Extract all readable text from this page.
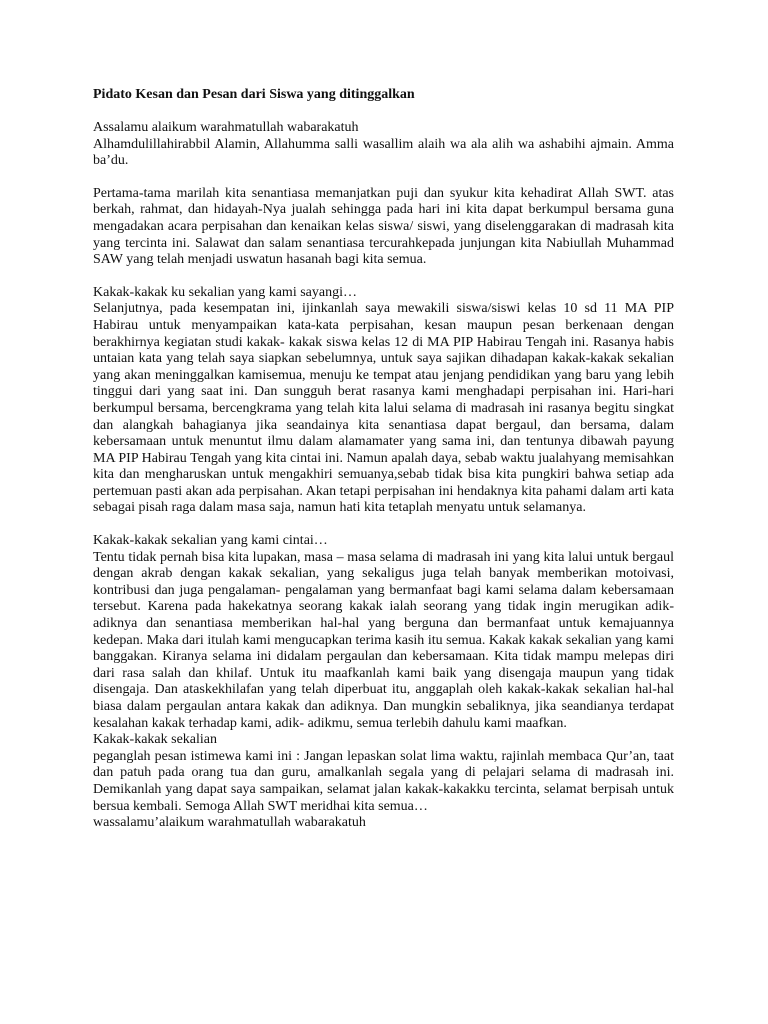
Pidato Kesan dan Pesan dari Siswa yang ditinggalkan

Assalamu alaikum warahmatullah wabarakatuh

Alhamdulillahirabbil Alamin, Allahumma salli wasallim alaih wa ala alih wa ashabihi ajmain. Amma ba’du.

Pertama-tama marilah kita senantiasa memanjatkan puji dan syukur kita kehadirat Allah SWT. atas berkah, rahmat, dan hidayah-Nya jualah sehingga pada hari ini kita dapat berkumpul bersama guna mengadakan acara perpisahan dan kenaikan kelas siswa/ siswi, yang diselenggarakan di madrasah kita yang tercinta ini. Salawat dan salam senantiasa tercurahkepada junjungan kita Nabiullah Muhammad SAW yang telah menjadi uswatun hasanah bagi kita semua.

Kakak-kakak ku sekalian yang kami sayangi…

Selanjutnya, pada kesempatan ini, ijinkanlah saya mewakili siswa/siswi kelas 10 sd 11 MA PIP Habirau untuk menyampaikan kata-kata perpisahan, kesan maupun pesan berkenaan dengan berakhirnya kegiatan studi kakak- kakak siswa kelas 12 di MA PIP Habirau Tengah ini. Rasanya habis untaian kata yang telah saya siapkan sebelumnya, untuk saya sajikan dihadapan kakak-kakak sekalian yang akan meninggalkan kamisemua, menuju ke tempat atau jenjang pendidikan yang baru yang lebih tinggui dari yang saat ini. Dan sungguh berat rasanya kami menghadapi perpisahan ini. Hari-hari berkumpul bersama, bercengkrama yang telah kita lalui selama di madrasah ini rasanya begitu singkat dan alangkah bahagianya jika seandainya kita senantiasa dapat bergaul, dan bersama, dalam kebersamaan untuk menuntut ilmu dalam alamamater yang sama ini, dan tentunya dibawah payung MA PIP Habirau Tengah yang kita cintai ini. Namun apalah daya, sebab waktu jualahyang memisahkan kita dan mengharuskan untuk mengakhiri semuanya,sebab tidak bisa kita pungkiri bahwa setiap ada pertemuan pasti akan ada perpisahan. Akan tetapi perpisahan ini hendaknya kita pahami dalam arti kata sebagai pisah raga dalam masa saja, namun hati kita tetaplah menyatu untuk selamanya.

Kakak-kakak sekalian yang kami cintai…

Tentu tidak pernah bisa kita lupakan, masa – masa selama di madrasah ini yang kita lalui untuk bergaul dengan akrab dengan kakak sekalian, yang sekaligus juga telah banyak memberikan motoivasi, kontribusi dan juga pengalaman- pengalaman yang bermanfaat bagi kami selama dalam kebersamaan tersebut. Karena pada hakekatnya seorang kakak ialah seorang yang tidak ingin merugikan adik-adiknya dan senantiasa memberikan hal-hal yang berguna dan bermanfaat untuk kemajuannya kedepan. Maka dari itulah kami mengucapkan terima kasih itu semua. Kakak kakak sekalian yang kami banggakan. Kiranya selama ini didalam pergaulan dan kebersamaan. Kita tidak mampu melepas diri dari rasa salah dan khilaf. Untuk itu maafkanlah kami baik yang disengaja maupun yang tidak disengaja. Dan ataskekhilafan yang telah diperbuat itu, anggaplah oleh kakak-kakak sekalian hal-hal biasa dalam pergaulan antara kakak dan adiknya. Dan mungkin sebaliknya, jika seandianya terdapat kesalahan kakak terhadap kami, adik- adikmu, semua terlebih dahulu kami maafkan.

Kakak-kakak sekalian

peganglah pesan istimewa kami ini : Jangan lepaskan solat lima waktu, rajinlah membaca Qur’an, taat dan patuh pada orang tua dan guru, amalkanlah segala yang di pelajari selama di madrasah ini. Demikanlah yang dapat saya sampaikan, selamat jalan kakak-kakakku tercinta, selamat berpisah untuk bersua kembali. Semoga Allah SWT meridhai kita semua…

wassalamu’alaikum warahmatullah wabarakatuh
